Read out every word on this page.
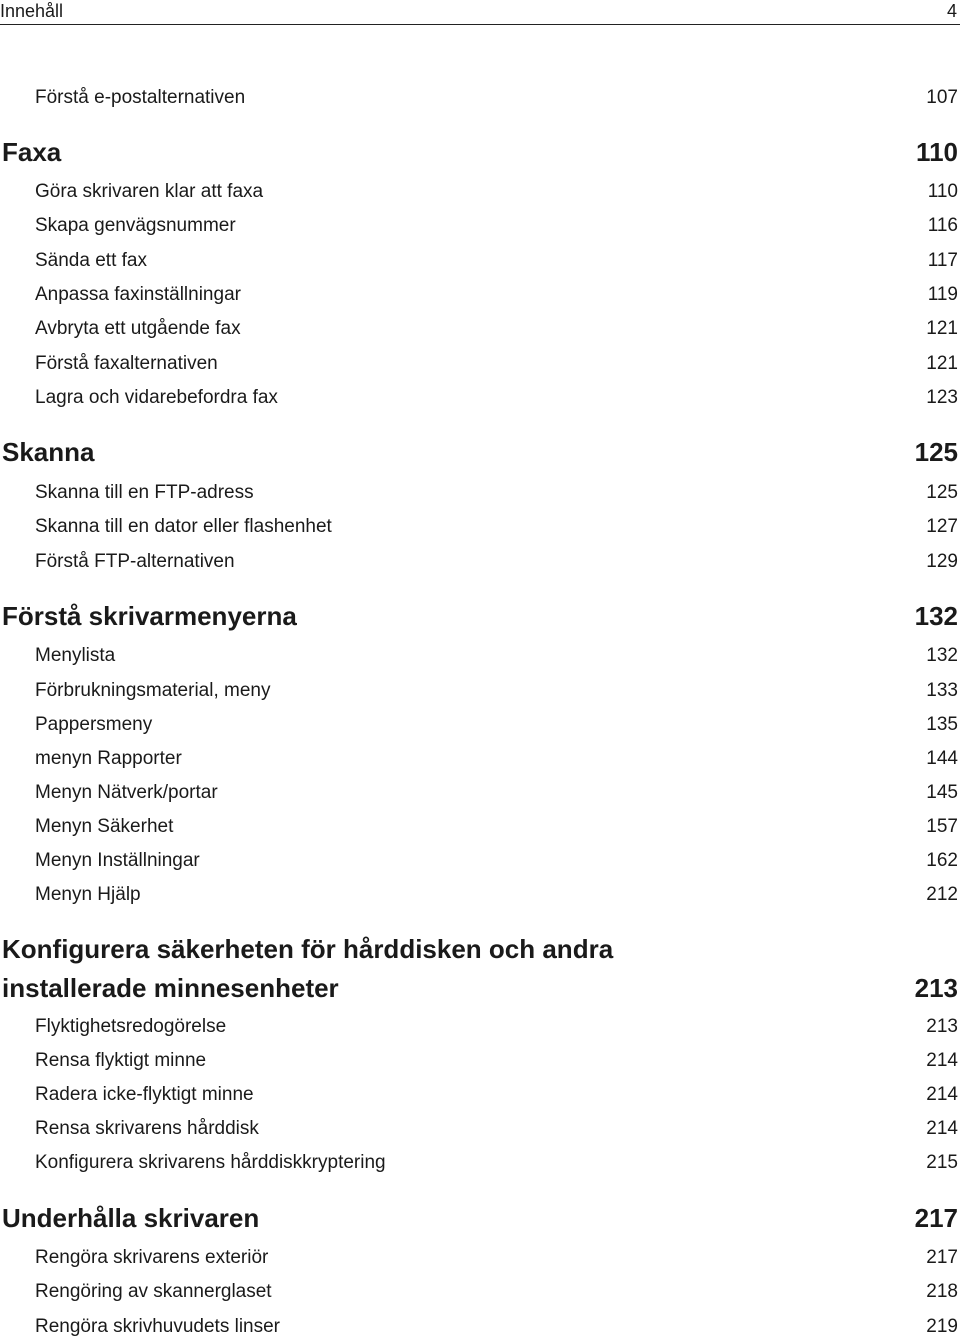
Innehåll	4
Förstå e-postalternativen	107
Faxa	110
Göra skrivaren klar att faxa	110
Skapa genvägsnummer	116
Sända ett fax	117
Anpassa faxinställningar	119
Avbryta ett utgående fax	121
Förstå faxalternativen	121
Lagra och vidarebefordra fax	123
Skanna	125
Skanna till en FTP-adress	125
Skanna till en dator eller flashenhet	127
Förstå FTP-alternativen	129
Förstå skrivarmenyerna	132
Menylista	132
Förbrukningsmaterial, meny	133
Pappersmeny	135
menyn Rapporter	144
Menyn Nätverk/portar	145
Menyn Säkerhet	157
Menyn Inställningar	162
Menyn Hjälp	212
Konfigurera säkerheten för hårddisken och andra
installerade minnesenheter	213
Flyktighetsredogörelse	213
Rensa flyktigt minne	214
Radera icke-flyktigt minne	214
Rensa skrivarens hårddisk	214
Konfigurera skrivarens hårddiskkryptering	215
Underhålla skrivaren	217
Rengöra skrivarens exteriör	217
Rengöring av skannerglaset	218
Rengöra skrivhuvudets linser	219
